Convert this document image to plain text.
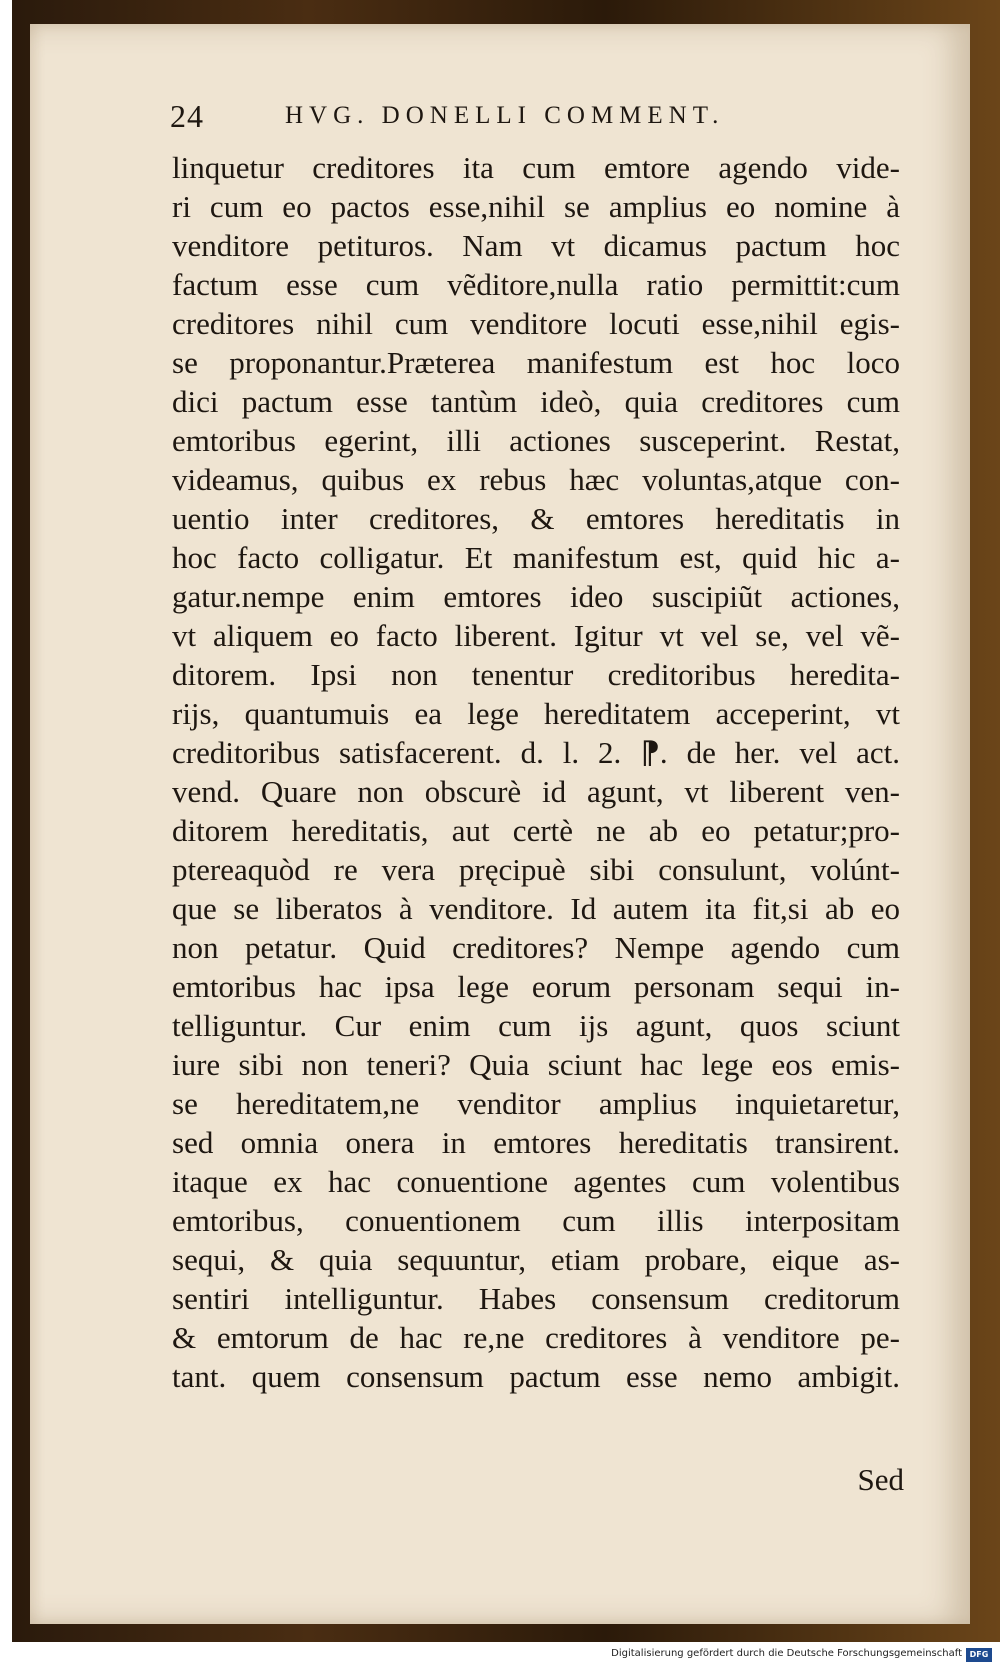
24	HVG. DONELLI COMMENT.
linquetur creditores ita cum emtore agendo vide-
ri cum eo pactos esse,nihil se amplius eo nomine à
venditore petituros. Nam vt dicamus pactum hoc
factum esse cum vẽditore,nulla ratio permittit:cum
creditores nihil cum venditore locuti esse,nihil egis-
se proponantur.Præterea manifestum est hoc loco
dici pactum esse tantùm ideò, quia creditores cum
emtoribus egerint, illi actiones susceperint. Restat,
videamus, quibus ex rebus hæc voluntas,atque con-
uentio inter creditores, & emtores hereditatis in
hoc facto colligatur. Et manifestum est, quid hic a-
gatur.nempe enim emtores ideo suscipiũt actiones,
vt aliquem eo facto liberent. Igitur vt vel se, vel vẽ-
ditorem. Ipsi non tenentur creditoribus heredita-
rijs, quantumuis ea lege hereditatem acceperint, vt
creditoribus satisfacerent. d. l. 2. ⁋. de her. vel act.
vend. Quare non obscurè id agunt, vt liberent ven-
ditorem hereditatis, aut certè ne ab eo petatur;pro-
ptereaquòd re vera pręcipuè sibi consulunt, volúnt-
que se liberatos à venditore. Id autem ita fit,si ab eo
non petatur. Quid creditores? Nempe agendo cum
emtoribus hac ipsa lege eorum personam sequi in-
telliguntur. Cur enim cum ijs agunt, quos sciunt
iure sibi non teneri? Quia sciunt hac lege eos emis-
se hereditatem,ne venditor amplius inquietaretur,
sed omnia onera in emtores hereditatis transirent.
itaque ex hac conuentione agentes cum volentibus
emtoribus, conuentionem cum illis interpositam
sequi, & quia sequuntur, etiam probare, eique as-
sentiri intelliguntur. Habes consensum creditorum
& emtorum de hac re,ne creditores à venditore pe-
tant. quem consensum pactum esse nemo ambigit.
Sed
Digitalisierung gefördert durch die Deutsche Forschungsgemeinschaft DFG
